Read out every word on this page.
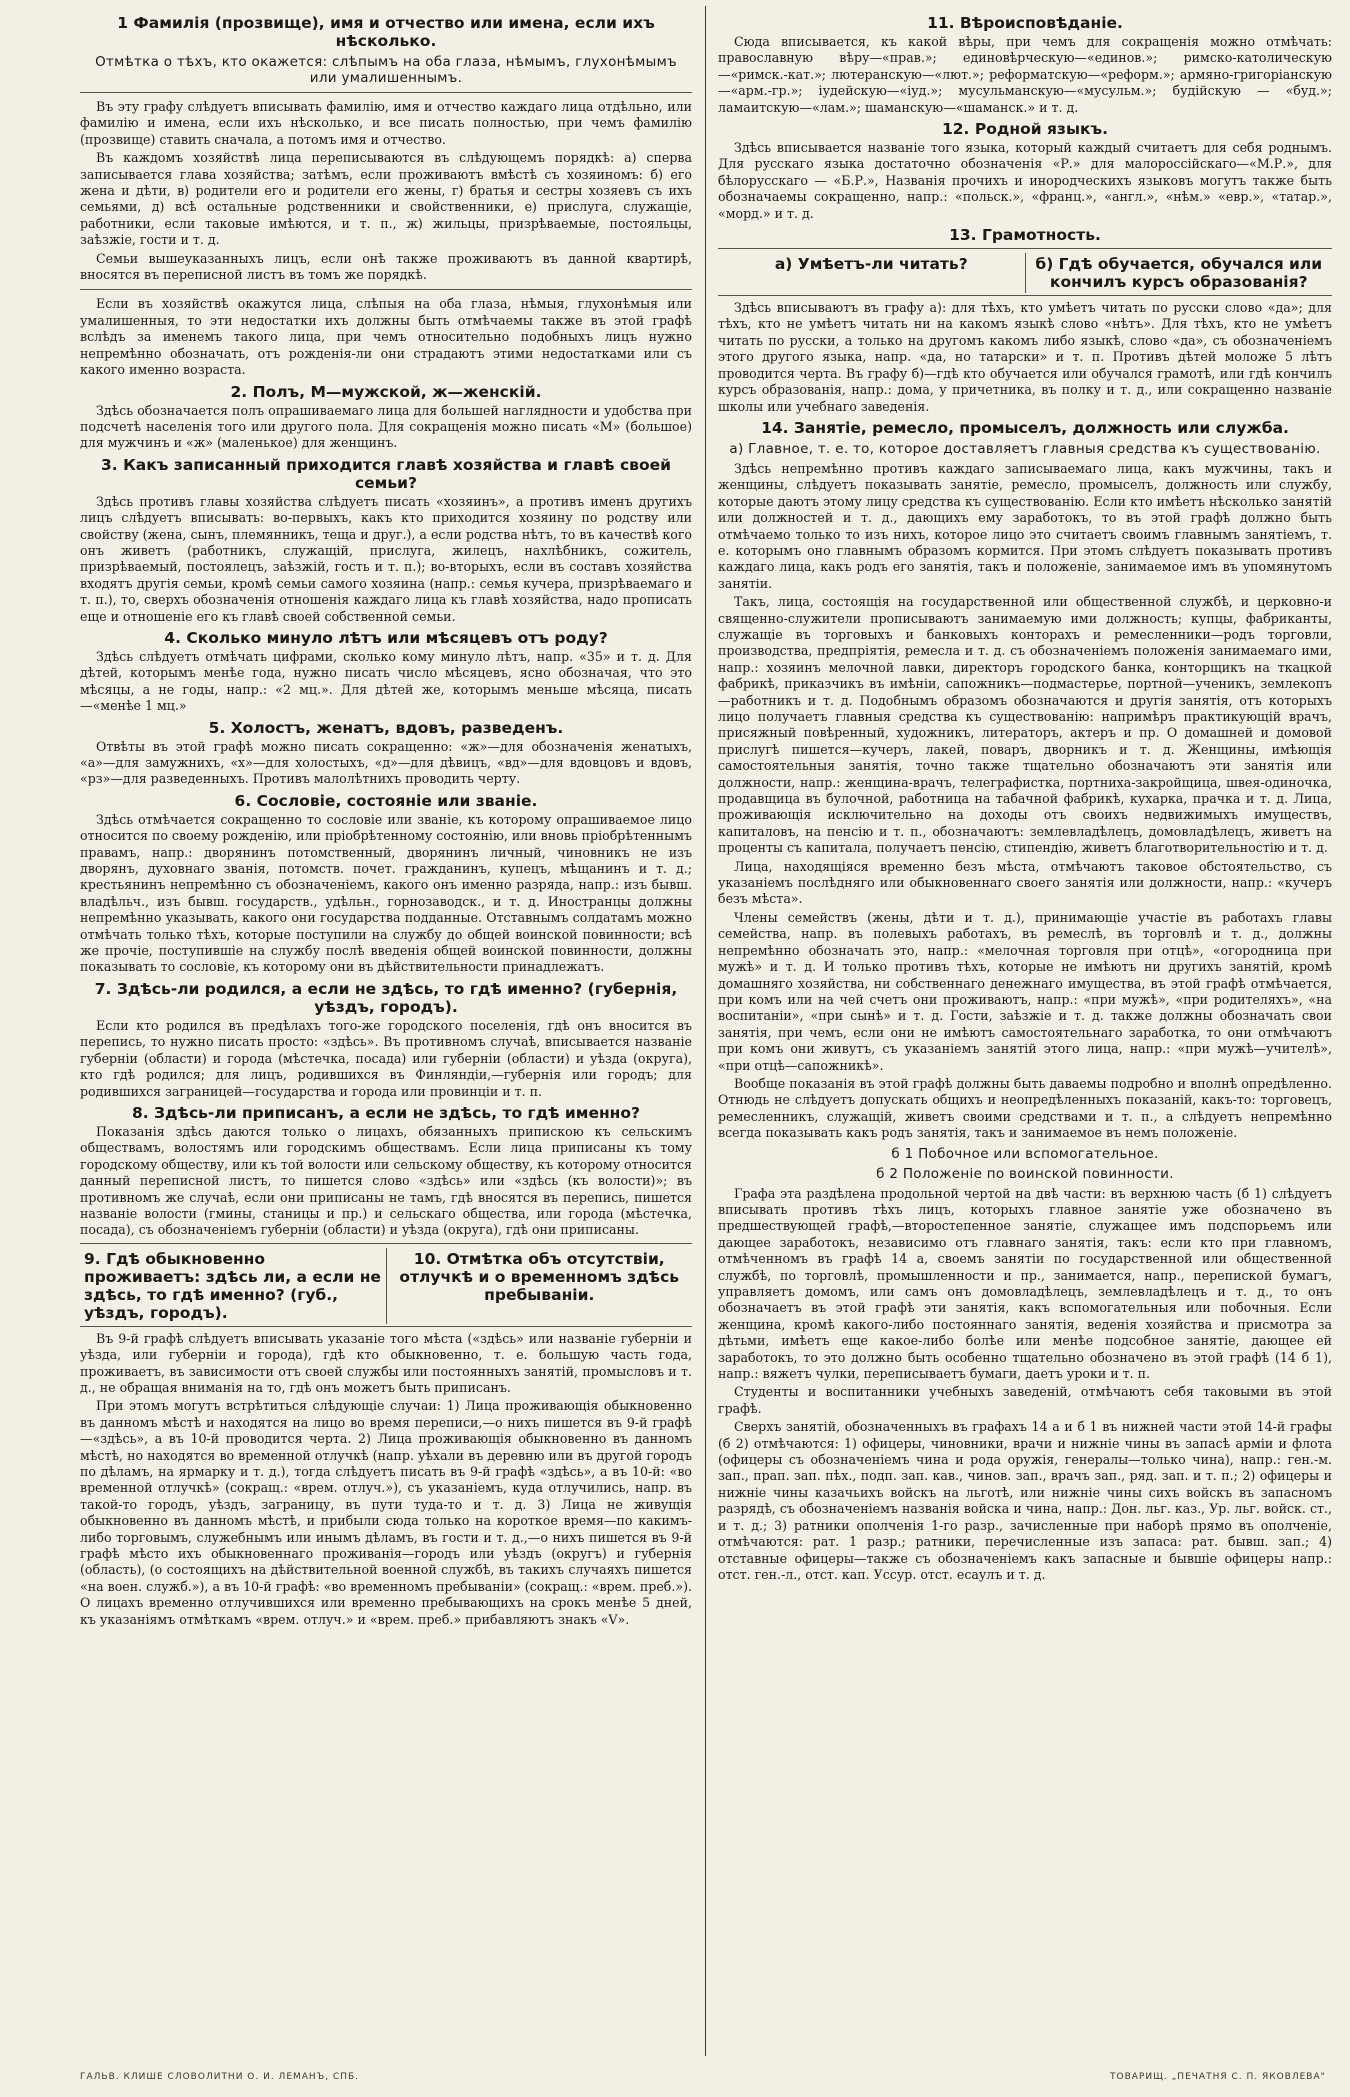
1 Фамилія (прозвище), имя и отчество или имена, если ихъ нѣсколько.
Отмѣтка о тѣхъ, кто окажется: слѣпымъ на оба глаза, нѣмымъ, глухонѣмымъ или умалишеннымъ.

Въ эту графу слѣдуетъ вписывать фамилію, имя и отчество каждаго лица отдѣльно, или фамилію и имена, если ихъ нѣсколько, и все писать полностью, при чемъ фамилію (прозвище) ставить сначала, а потомъ имя и отчество.

Въ каждомъ хозяйствѣ лица переписываются въ слѣдующемъ порядкѣ: а) сперва записывается глава хозяйства; затѣмъ, если проживаютъ вмѣстѣ съ хозяиномъ: б) его жена и дѣти, в) родители его и родители его жены, г) братья и сестры хозяевъ съ ихъ семьями, д) всѣ остальные родственники и свойственники, е) прислуга, служащіе, работники, если таковые имѣются, и т. п., ж) жильцы, призрѣваемые, постояльцы, заѣзжіе, гости и т. д.

Семьи вышеуказанныхъ лицъ, если онѣ также проживаютъ въ данной квартирѣ, вносятся въ переписной листъ въ томъ же порядкѣ.

Если въ хозяйствѣ окажутся лица, слѣпыя на оба глаза, нѣмыя, глухонѣмыя или умалишенныя, то эти недостатки ихъ должны быть отмѣчаемы также въ этой графѣ вслѣдъ за именемъ такого лица, при чемъ относительно подобныхъ лицъ нужно непремѣнно обозначать, отъ рожденія-ли они страдаютъ этими недостатками или съ какого именно возраста.

2. Полъ, М—мужской, ж—женскій.

Здѣсь обозначается полъ опрашиваемаго лица для большей наглядности и удобства при подсчетѣ населенія того или другого пола. Для сокращенія можно писать «М» (большое) для мужчинъ и «ж» (маленькое) для женщинъ.

3. Какъ записанный приходится главѣ хозяйства и главѣ своей семьи?

Здѣсь противъ главы хозяйства слѣдуетъ писать «хозяинъ», а противъ именъ другихъ лицъ слѣдуетъ вписывать: во-первыхъ, какъ кто приходится хозяину по родству или свойству (жена, сынъ, племянникъ, теща и друг.), а если родства нѣтъ, то въ качествѣ кого онъ живетъ (работникъ, служащій, прислуга, жилецъ, нахлѣбникъ, сожитель, призрѣваемый, постоялецъ, заѣзжій, гость и т. п.); во-вторыхъ, если въ составъ хозяйства входятъ другія семьи, кромѣ семьи самого хозяина (напр.: семья кучера, призрѣваемаго и т. п.), то, сверхъ обозначенія отношенія каждаго лица къ главѣ хозяйства, надо прописать еще и отношеніе его къ главѣ своей собственной семьи.

4. Сколько минуло лѣтъ или мѣсяцевъ отъ роду?

Здѣсь слѣдуетъ отмѣчать цифрами, сколько кому минуло лѣтъ, напр. «35» и т. д. Для дѣтей, которымъ менѣе года, нужно писать число мѣсяцевъ, ясно обозначая, что это мѣсяцы, а не годы, напр.: «2 мц.». Для дѣтей же, которымъ меньше мѣсяца, писать—«менѣе 1 мц.»

5. Холостъ, женатъ, вдовъ, разведенъ.

Отвѣты въ этой графѣ можно писать сокращенно: «ж»—для обозначенія женатыхъ, «а»—для замужнихъ, «х»—для холостыхъ, «д»—для дѣвицъ, «вд»—для вдовцовъ и вдовъ, «рз»—для разведенныхъ. Противъ малолѣтнихъ проводить черту.

6. Сословіе, состояніе или званіе.

Здѣсь отмѣчается сокращенно то сословіе или званіе, къ которому опрашиваемое лицо относится по своему рожденію, или пріобрѣтенному состоянію, или вновь пріобрѣтеннымъ правамъ, напр.: дворянинъ потомственный, дворянинъ личный, чиновникъ не изъ дворянъ, духовнаго званія, потомств. почет. гражданинъ, купецъ, мѣщанинъ и т. д.; крестьянинъ непремѣнно съ обозначеніемъ, какого онъ именно разряда, напр.: изъ бывш. владѣльч., изъ бывш. государств., удѣльн., горнозаводск., и т. д. Иностранцы должны непремѣнно указывать, какого они государства подданные. Отставнымъ солдатамъ можно отмѣчать только тѣхъ, которые поступили на службу до общей воинской повинности; всѣ же прочіе, поступившіе на службу послѣ введенія общей воинской повинности, должны показывать то сословіе, къ которому они въ дѣйствительности принадлежатъ.

7. Здѣсь-ли родился, а если не здѣсь, то гдѣ именно? (губернія, уѣздъ, городъ).

Если кто родился въ предѣлахъ того-же городского поселенія, гдѣ онъ вносится въ перепись, то нужно писать просто: «здѣсь». Въ противномъ случаѣ, вписывается названіе губерніи (области) и города (мѣстечка, посада) или губерніи (области) и уѣзда (округа), кто гдѣ родился; для лицъ, родившихся въ Финляндіи,—губернія или городъ; для родившихся заграницей—государства и города или провинціи и т. п.

8. Здѣсь-ли приписанъ, а если не здѣсь, то гдѣ именно?

Показанія здѣсь даются только о лицахъ, обязанныхъ припискою къ сельскимъ обществамъ, волостямъ или городскимъ обществамъ. Если лица приписаны къ тому городскому обществу, или къ той волости или сельскому обществу, къ которому относится данный переписной листъ, то пишется слово «здѣсь» или «здѣсь (къ волости)»; въ противномъ же случаѣ, если они приписаны не тамъ, гдѣ вносятся въ перепись, пишется названіе волости (гмины, станицы и пр.) и сельскаго общества, или города (мѣстечка, посада), съ обозначеніемъ губерніи (области) и уѣзда (округа), гдѣ они приписаны.

9. Гдѣ обыкновенно проживаетъ: здѣсь ли, а если не здѣсь, то гдѣ именно? (губ., уѣздъ, городъ).
10. Отмѣтка объ отсутствіи, отлучкѣ и о временномъ здѣсь пребываніи.

Въ 9-й графѣ слѣдуетъ вписывать указаніе того мѣста («здѣсь» или названіе губерніи и уѣзда, или губерніи и города), гдѣ кто обыкновенно, т. е. большую часть года, проживаетъ, въ зависимости отъ своей службы или постоянныхъ занятій, промысловъ и т. д., не обращая вниманія на то, гдѣ онъ можетъ быть приписанъ.

При этомъ могутъ встрѣтиться слѣдующіе случаи: 1) Лица проживающія обыкновенно въ данномъ мѣстѣ и находятся на лицо во время переписи,—о нихъ пишется въ 9-й графѣ—«здѣсь», а въ 10-й проводится черта. 2) Лица проживающія обыкновенно въ данномъ мѣстѣ, но находятся во временной отлучкѣ (напр. уѣхали въ деревню или въ другой городъ по дѣламъ, на ярмарку и т. д.), тогда слѣдуетъ писать въ 9-й графѣ «здѣсь», а въ 10-й: «во временной отлучкѣ» (сокращ.: «врем. отлуч.»), съ указаніемъ, куда отлучились, напр. въ такой-то городъ, уѣздъ, заграницу, въ пути туда-то и т. д. 3) Лица не живущія обыкновенно въ данномъ мѣстѣ, и прибыли сюда только на короткое время—по какимъ-либо торговымъ, служебнымъ или инымъ дѣламъ, въ гости и т. д.,—о нихъ пишется въ 9-й графѣ мѣсто ихъ обыкновеннаго проживанія—городъ или уѣздъ (округъ) и губернія (область), (о состоящихъ на дѣйствительной военной службѣ, въ такихъ случаяхъ пишется «на воен. служб.»), а въ 10-й графѣ: «во временномъ пребываніи» (сокращ.: «врем. преб.»). О лицахъ временно отлучившихся или временно пребывающихъ на срокъ менѣе 5 дней, къ указаніямъ отмѣткамъ «врем. отлуч.» и «врем. преб.» прибавляютъ знакъ «V».

11. Вѣроисповѣданіе.

Сюда вписывается, къ какой вѣры, при чемъ для сокращенія можно отмѣчать: православную вѣру—«прав.»; единовѣрческую—«единов.»; римско-католическую—«римск.-кат.»; лютеранскую—«лют.»; реформатскую—«реформ.»; армяно-григоріанскую—«арм.-гр.»; іудейскую—«іуд.»; мусульманскую—«мусульм.»; будійскую — «буд.»; ламаитскую—«лам.»; шаманскую—«шаманск.» и т. д.

12. Родной языкъ.

Здѣсь вписывается названіе того языка, который каждый считаетъ для себя роднымъ. Для русскаго языка достаточно обозначенія «Р.» для малороссійскаго—«М.Р.», для бѣлорусскаго — «Б.Р.», Названія прочихъ и инородческихъ языковъ могутъ также быть обозначаемы сокращенно, напр.: «польск.», «франц.», «англ.», «нѣм.» «евр.», «татар.», «морд.» и т. д.

13. Грамотность.
а) Умѣетъ-ли читать?	б) Гдѣ обучается, обучался или кончилъ курсъ образованія?

Здѣсь вписываютъ въ графу а): для тѣхъ, кто умѣетъ читать по русски слово «да»; для тѣхъ, кто не умѣетъ читать ни на какомъ языкѣ слово «нѣтъ». Для тѣхъ, кто не умѣетъ читать по русски, а только на другомъ какомъ либо языкѣ, слово «да», съ обозначеніемъ этого другого языка, напр. «да, но татарски» и т. п. Противъ дѣтей моложе 5 лѣтъ проводится черта. Въ графу б)—гдѣ кто обучается или обучался грамотѣ, или гдѣ кончилъ курсъ образованія, напр.: дома, у причетника, въ полку и т. д., или сокращенно названіе школы или учебнаго заведенія.

14. Занятіе, ремесло, промыселъ, должность или служба.
а) Главное, т. е. то, которое доставляетъ главныя средства къ существованію.

Здѣсь непремѣнно противъ каждаго записываемаго лица, какъ мужчины, такъ и женщины, слѣдуетъ показывать занятіе, ремесло, промыселъ, должность или службу, которые даютъ этому лицу средства къ существованію. Если кто имѣетъ нѣсколько занятій или должностей и т. д., дающихъ ему заработокъ, то въ этой графѣ должно быть отмѣчаемо только то изъ нихъ, которое лицо это считаетъ своимъ главнымъ занятіемъ, т. е. которымъ оно главнымъ образомъ кормится. При этомъ слѣдуетъ показывать противъ каждаго лица, какъ родъ его занятія, такъ и положеніе, занимаемое имъ въ упомянутомъ занятіи.

Такъ, лица, состоящія на государственной или общественной службѣ, и церковно-и священно-служители прописываютъ занимаемую ими должность; купцы, фабриканты, служащіе въ торговыхъ и банковыхъ конторахъ и ремесленники—родъ торговли, производства, предпріятія, ремесла и т. д. съ обозначеніемъ положенія занимаемаго ими, напр.: хозяинъ мелочной лавки, директоръ городского банка, конторщикъ на ткацкой фабрикѣ, приказчикъ въ имѣніи, сапожникъ—подмастерье, портной—ученикъ, землекопъ—работникъ и т. д. Подобнымъ образомъ обозначаются и другія занятія, отъ которыхъ лицо получаетъ главныя средства къ существованію: напримѣръ практикующій врачъ, присяжный повѣренный, художникъ, литераторъ, актеръ и пр. О домашней и домовой прислугѣ пишется—кучеръ, лакей, поваръ, дворникъ и т. д. Женщины, имѣющія самостоятельныя занятія, точно также тщательно обозначаютъ эти занятія или должности, напр.: женщина-врачъ, телеграфистка, портниха-закройщица, швея-одиночка, продавщица въ булочной, работница на табачной фабрикѣ, кухарка, прачка и т. д. Лица, проживающія исключительно на доходы отъ своихъ недвижимыхъ имуществъ, капиталовъ, на пенсію и т. п., обозначаютъ: землевладѣлецъ, домовладѣлецъ, живетъ на проценты съ капитала, получаетъ пенсію, стипендію, живетъ благотворительностію и т. д.

Лица, находящіяся временно безъ мѣста, отмѣчаютъ таковое обстоятельство, съ указаніемъ послѣдняго или обыкновеннаго своего занятія или должности, напр.: «кучеръ безъ мѣста».

Члены семействъ (жены, дѣти и т. д.), принимающіе участіе въ работахъ главы семейства, напр. въ полевыхъ работахъ, въ ремеслѣ, въ торговлѣ и т. д., должны непремѣнно обозначать это, напр.: «мелочная торговля при отцѣ», «огородница при мужѣ» и т. д. И только противъ тѣхъ, которые не имѣютъ ни другихъ занятій, кромѣ домашняго хозяйства, ни собственнаго денежнаго имущества, въ этой графѣ отмѣчается, при комъ или на чей счетъ они проживаютъ, напр.: «при мужѣ», «при родителяхъ», «на воспитаніи», «при сынѣ» и т. д. Гости, заѣзжіе и т. д. также должны обозначать свои занятія, при чемъ, если они не имѣютъ самостоятельнаго заработка, то они отмѣчаютъ при комъ они живутъ, съ указаніемъ занятій этого лица, напр.: «при мужѣ—учителѣ», «при отцѣ—сапожникѣ».

Вообще показанія въ этой графѣ должны быть даваемы подробно и вполнѣ опредѣленно. Отнюдь не слѣдуетъ допускать общихъ и неопредѣленныхъ показаній, какъ-то: торговецъ, ремесленникъ, служащій, живетъ своими средствами и т. п., а слѣдуетъ непремѣнно всегда показывать какъ родъ занятія, такъ и занимаемое въ немъ положеніе.

б 1 Побочное или вспомогательное.
б 2 Положеніе по воинской повинности.

Графа эта раздѣлена продольной чертой на двѣ части: въ верхнюю часть (б 1) слѣдуетъ вписывать противъ тѣхъ лицъ, которыхъ главное занятіе уже обозначено въ предшествующей графѣ,—второстепенное занятіе, служащее имъ подспорьемъ или дающее заработокъ, независимо отъ главнаго занятія, такъ: если кто при главномъ, отмѣченномъ въ графѣ 14 а, своемъ занятіи по государственной или общественной службѣ, по торговлѣ, промышленности и пр., занимается, напр., перепиской бумагъ, управляетъ домомъ, или самъ онъ домовладѣлецъ, землевладѣлецъ и т. д., то онъ обозначаетъ въ этой графѣ эти занятія, какъ вспомогательныя или побочныя. Если женщина, кромѣ какого-либо постояннаго занятія, веденія хозяйства и присмотра за дѣтьми, имѣетъ еще какое-либо болѣе или менѣе подсобное занятіе, дающее ей заработокъ, то это должно быть особенно тщательно обозначено въ этой графѣ (14 б 1), напр.: вяжетъ чулки, переписываетъ бумаги, даетъ уроки и т. п.

Студенты и воспитанники учебныхъ заведеній, отмѣчаютъ себя таковыми въ этой графѣ.

Сверхъ занятій, обозначенныхъ въ графахъ 14 а и б 1 въ нижней части этой 14-й графы (б 2) отмѣчаются: 1) офицеры, чиновники, врачи и нижніе чины въ запасѣ арміи и флота (офицеры съ обозначеніемъ чина и рода оружія, генералы—только чина), напр.: ген.-м. зап., прап. зап. пѣх., подп. зап. кав., чинов. зап., врачъ зап., ряд. зап. и т. п.; 2) офицеры и нижніе чины казачьихъ войскъ на льготѣ, или нижніе чины сихъ войскъ въ запасномъ разрядѣ, съ обозначеніемъ названія войска и чина, напр.: Дон. льг. каз., Ур. льг. войск. ст., и т. д.; 3) ратники ополченія 1-го разр., зачисленные при наборѣ прямо въ ополченіе, отмѣчаются: рат. 1 разр.; ратники, перечисленные изъ запаса: рат. бывш. зап.; 4) отставные офицеры—также съ обозначеніемъ какъ запасные и бывшіе офицеры напр.: отст. ген.-л., отст. кап. Уссур. отст. есаулъ и т. д.

ГАЛЬВ. КЛИШЕ СЛОВОЛИТНИ О. И. ЛЕМАНЪ, СПБ.	ТОВАРИЩ. „ПЕЧАТНЯ С. П. ЯКОВЛЕВА"
